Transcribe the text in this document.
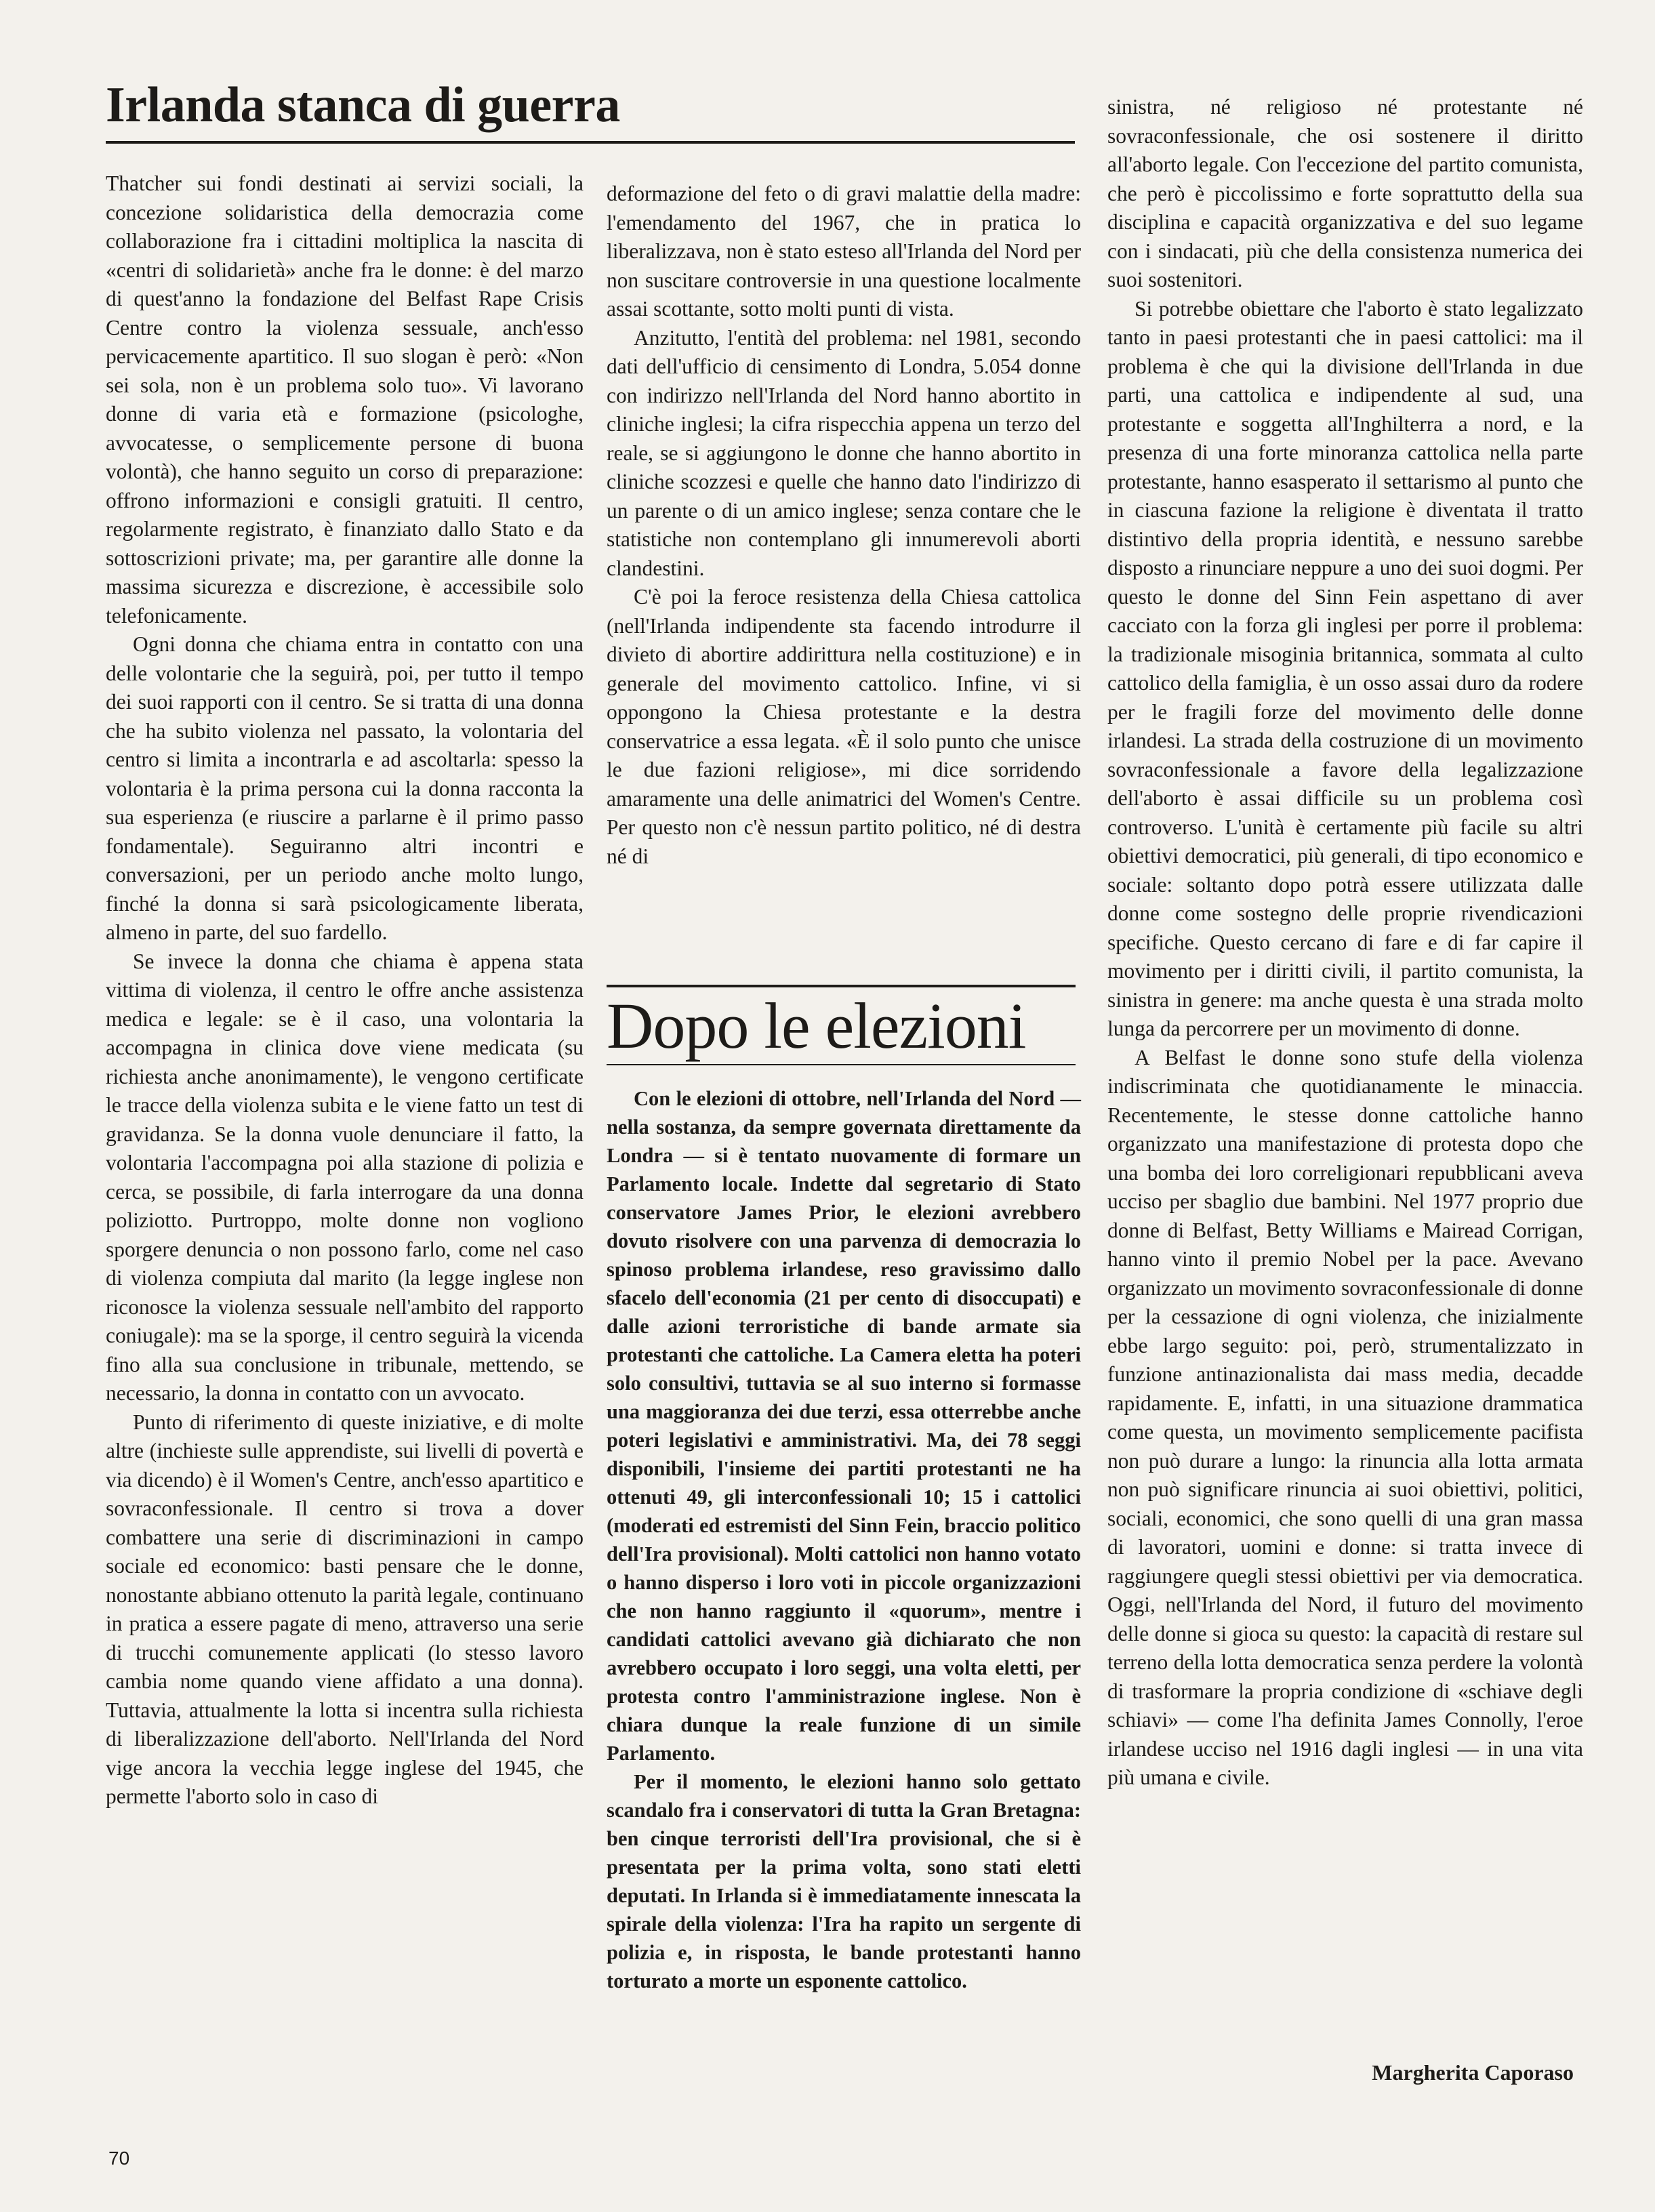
Irlanda stanca di guerra

Thatcher sui fondi destinati ai servizi sociali, la concezione solidaristica della democrazia come collaborazione fra i cittadini moltiplica la nascita di «centri di solidarietà» anche fra le donne: è del marzo di quest'anno la fondazione del Belfast Rape Crisis Centre contro la violenza sessuale, anch'esso pervicacemente apartitico. Il suo slogan è però: «Non sei sola, non è un problema solo tuo». Vi lavorano donne di varia età e formazione (psicologhe, avvocatesse, o semplicemente persone di buona volontà), che hanno seguito un corso di preparazione: offrono informazioni e consigli gratuiti. Il centro, regolarmente registrato, è finanziato dallo Stato e da sottoscrizioni private; ma, per garantire alle donne la massima sicurezza e discrezione, è accessibile solo telefonicamente.

Ogni donna che chiama entra in contatto con una delle volontarie che la seguirà, poi, per tutto il tempo dei suoi rapporti con il centro. Se si tratta di una donna che ha subito violenza nel passato, la volontaria del centro si limita a incontrarla e ad ascoltarla: spesso la volontaria è la prima persona cui la donna racconta la sua esperienza (e riuscire a parlarne è il primo passo fondamentale). Seguiranno altri incontri e conversazioni, per un periodo anche molto lungo, finché la donna si sarà psicologicamente liberata, almeno in parte, del suo fardello.

Se invece la donna che chiama è appena stata vittima di violenza, il centro le offre anche assistenza medica e legale: se è il caso, una volontaria la accompagna in clinica dove viene medicata (su richiesta anche anonimamente), le vengono certificate le tracce della violenza subita e le viene fatto un test di gravidanza. Se la donna vuole denunciare il fatto, la volontaria l'accompagna poi alla stazione di polizia e cerca, se possibile, di farla interrogare da una donna poliziotto. Purtroppo, molte donne non vogliono sporgere denuncia o non possono farlo, come nel caso di violenza compiuta dal marito (la legge inglese non riconosce la violenza sessuale nell'ambito del rapporto coniugale): ma se la sporge, il centro seguirà la vicenda fino alla sua conclusione in tribunale, mettendo, se necessario, la donna in contatto con un avvocato.

Punto di riferimento di queste iniziative, e di molte altre (inchieste sulle apprendiste, sui livelli di povertà e via dicendo) è il Women's Centre, anch'esso apartitico e sovraconfessionale. Il centro si trova a dover combattere una serie di discriminazioni in campo sociale ed economico: basti pensare che le donne, nonostante abbiano ottenuto la parità legale, continuano in pratica a essere pagate di meno, attraverso una serie di trucchi comunemente applicati (lo stesso lavoro cambia nome quando viene affidato a una donna). Tuttavia, attualmente la lotta si incentra sulla richiesta di liberalizzazione dell'aborto. Nell'Irlanda del Nord vige ancora la vecchia legge inglese del 1945, che permette l'aborto solo in caso di

deformazione del feto o di gravi malattie della madre: l'emendamento del 1967, che in pratica lo liberalizzava, non è stato esteso all'Irlanda del Nord per non suscitare controversie in una questione localmente assai scottante, sotto molti punti di vista.

Anzitutto, l'entità del problema: nel 1981, secondo dati dell'ufficio di censimento di Londra, 5.054 donne con indirizzo nell'Irlanda del Nord hanno abortito in cliniche inglesi; la cifra rispecchia appena un terzo del reale, se si aggiungono le donne che hanno abortito in cliniche scozzesi e quelle che hanno dato l'indirizzo di un parente o di un amico inglese; senza contare che le statistiche non contemplano gli innumerevoli aborti clandestini.

C'è poi la feroce resistenza della Chiesa cattolica (nell'Irlanda indipendente sta facendo introdurre il divieto di abortire addirittura nella costituzione) e in generale del movimento cattolico. Infine, vi si oppongono la Chiesa protestante e la destra conservatrice a essa legata. «È il solo punto che unisce le due fazioni religiose», mi dice sorridendo amaramente una delle animatrici del Women's Centre. Per questo non c'è nessun partito politico, né di destra né di

Dopo le elezioni

Con le elezioni di ottobre, nell'Irlanda del Nord — nella sostanza, da sempre governata direttamente da Londra — si è tentato nuovamente di formare un Parlamento locale. Indette dal segretario di Stato conservatore James Prior, le elezioni avrebbero dovuto risolvere con una parvenza di democrazia lo spinoso problema irlandese, reso gravissimo dallo sfacelo dell'economia (21 per cento di disoccupati) e dalle azioni terroristiche di bande armate sia protestanti che cattoliche. La Camera eletta ha poteri solo consultivi, tuttavia se al suo interno si formasse una maggioranza dei due terzi, essa otterrebbe anche poteri legislativi e amministrativi. Ma, dei 78 seggi disponibili, l'insieme dei partiti protestanti ne ha ottenuti 49, gli interconfessionali 10; 15 i cattolici (moderati ed estremisti del Sinn Fein, braccio politico dell'Ira provisional). Molti cattolici non hanno votato o hanno disperso i loro voti in piccole organizzazioni che non hanno raggiunto il «quorum», mentre i candidati cattolici avevano già dichiarato che non avrebbero occupato i loro seggi, una volta eletti, per protesta contro l'amministrazione inglese. Non è chiara dunque la reale funzione di un simile Parlamento.

Per il momento, le elezioni hanno solo gettato scandalo fra i conservatori di tutta la Gran Bretagna: ben cinque terroristi dell'Ira provisional, che si è presentata per la prima volta, sono stati eletti deputati. In Irlanda si è immediatamente innescata la spirale della violenza: l'Ira ha rapito un sergente di polizia e, in risposta, le bande protestanti hanno torturato a morte un esponente cattolico.

sinistra, né religioso né protestante né sovraconfessionale, che osi sostenere il diritto all'aborto legale. Con l'eccezione del partito comunista, che però è piccolissimo e forte soprattutto della sua disciplina e capacità organizzativa e del suo legame con i sindacati, più che della consistenza numerica dei suoi sostenitori.

Si potrebbe obiettare che l'aborto è stato legalizzato tanto in paesi protestanti che in paesi cattolici: ma il problema è che qui la divisione dell'Irlanda in due parti, una cattolica e indipendente al sud, una protestante e soggetta all'Inghilterra a nord, e la presenza di una forte minoranza cattolica nella parte protestante, hanno esasperato il settarismo al punto che in ciascuna fazione la religione è diventata il tratto distintivo della propria identità, e nessuno sarebbe disposto a rinunciare neppure a uno dei suoi dogmi. Per questo le donne del Sinn Fein aspettano di aver cacciato con la forza gli inglesi per porre il problema: la tradizionale misoginia britannica, sommata al culto cattolico della famiglia, è un osso assai duro da rodere per le fragili forze del movimento delle donne irlandesi. La strada della costruzione di un movimento sovraconfessionale a favore della legalizzazione dell'aborto è assai difficile su un problema così controverso. L'unità è certamente più facile su altri obiettivi democratici, più generali, di tipo economico e sociale: soltanto dopo potrà essere utilizzata dalle donne come sostegno delle proprie rivendicazioni specifiche. Questo cercano di fare e di far capire il movimento per i diritti civili, il partito comunista, la sinistra in genere: ma anche questa è una strada molto lunga da percorrere per un movimento di donne.

A Belfast le donne sono stufe della violenza indiscriminata che quotidianamente le minaccia. Recentemente, le stesse donne cattoliche hanno organizzato una manifestazione di protesta dopo che una bomba dei loro correligionari repubblicani aveva ucciso per sbaglio due bambini. Nel 1977 proprio due donne di Belfast, Betty Williams e Mairead Corrigan, hanno vinto il premio Nobel per la pace. Avevano organizzato un movimento sovraconfessionale di donne per la cessazione di ogni violenza, che inizialmente ebbe largo seguito: poi, però, strumentalizzato in funzione antinazionalista dai mass media, decadde rapidamente. E, infatti, in una situazione drammatica come questa, un movimento semplicemente pacifista non può durare a lungo: la rinuncia alla lotta armata non può significare rinuncia ai suoi obiettivi, politici, sociali, economici, che sono quelli di una gran massa di lavoratori, uomini e donne: si tratta invece di raggiungere quegli stessi obiettivi per via democratica. Oggi, nell'Irlanda del Nord, il futuro del movimento delle donne si gioca su questo: la capacità di restare sul terreno della lotta democratica senza perdere la volontà di trasformare la propria condizione di «schiave degli schiavi» — come l'ha definita James Connolly, l'eroe irlandese ucciso nel 1916 dagli inglesi — in una vita più umana e civile.

Margherita Caporaso

70
